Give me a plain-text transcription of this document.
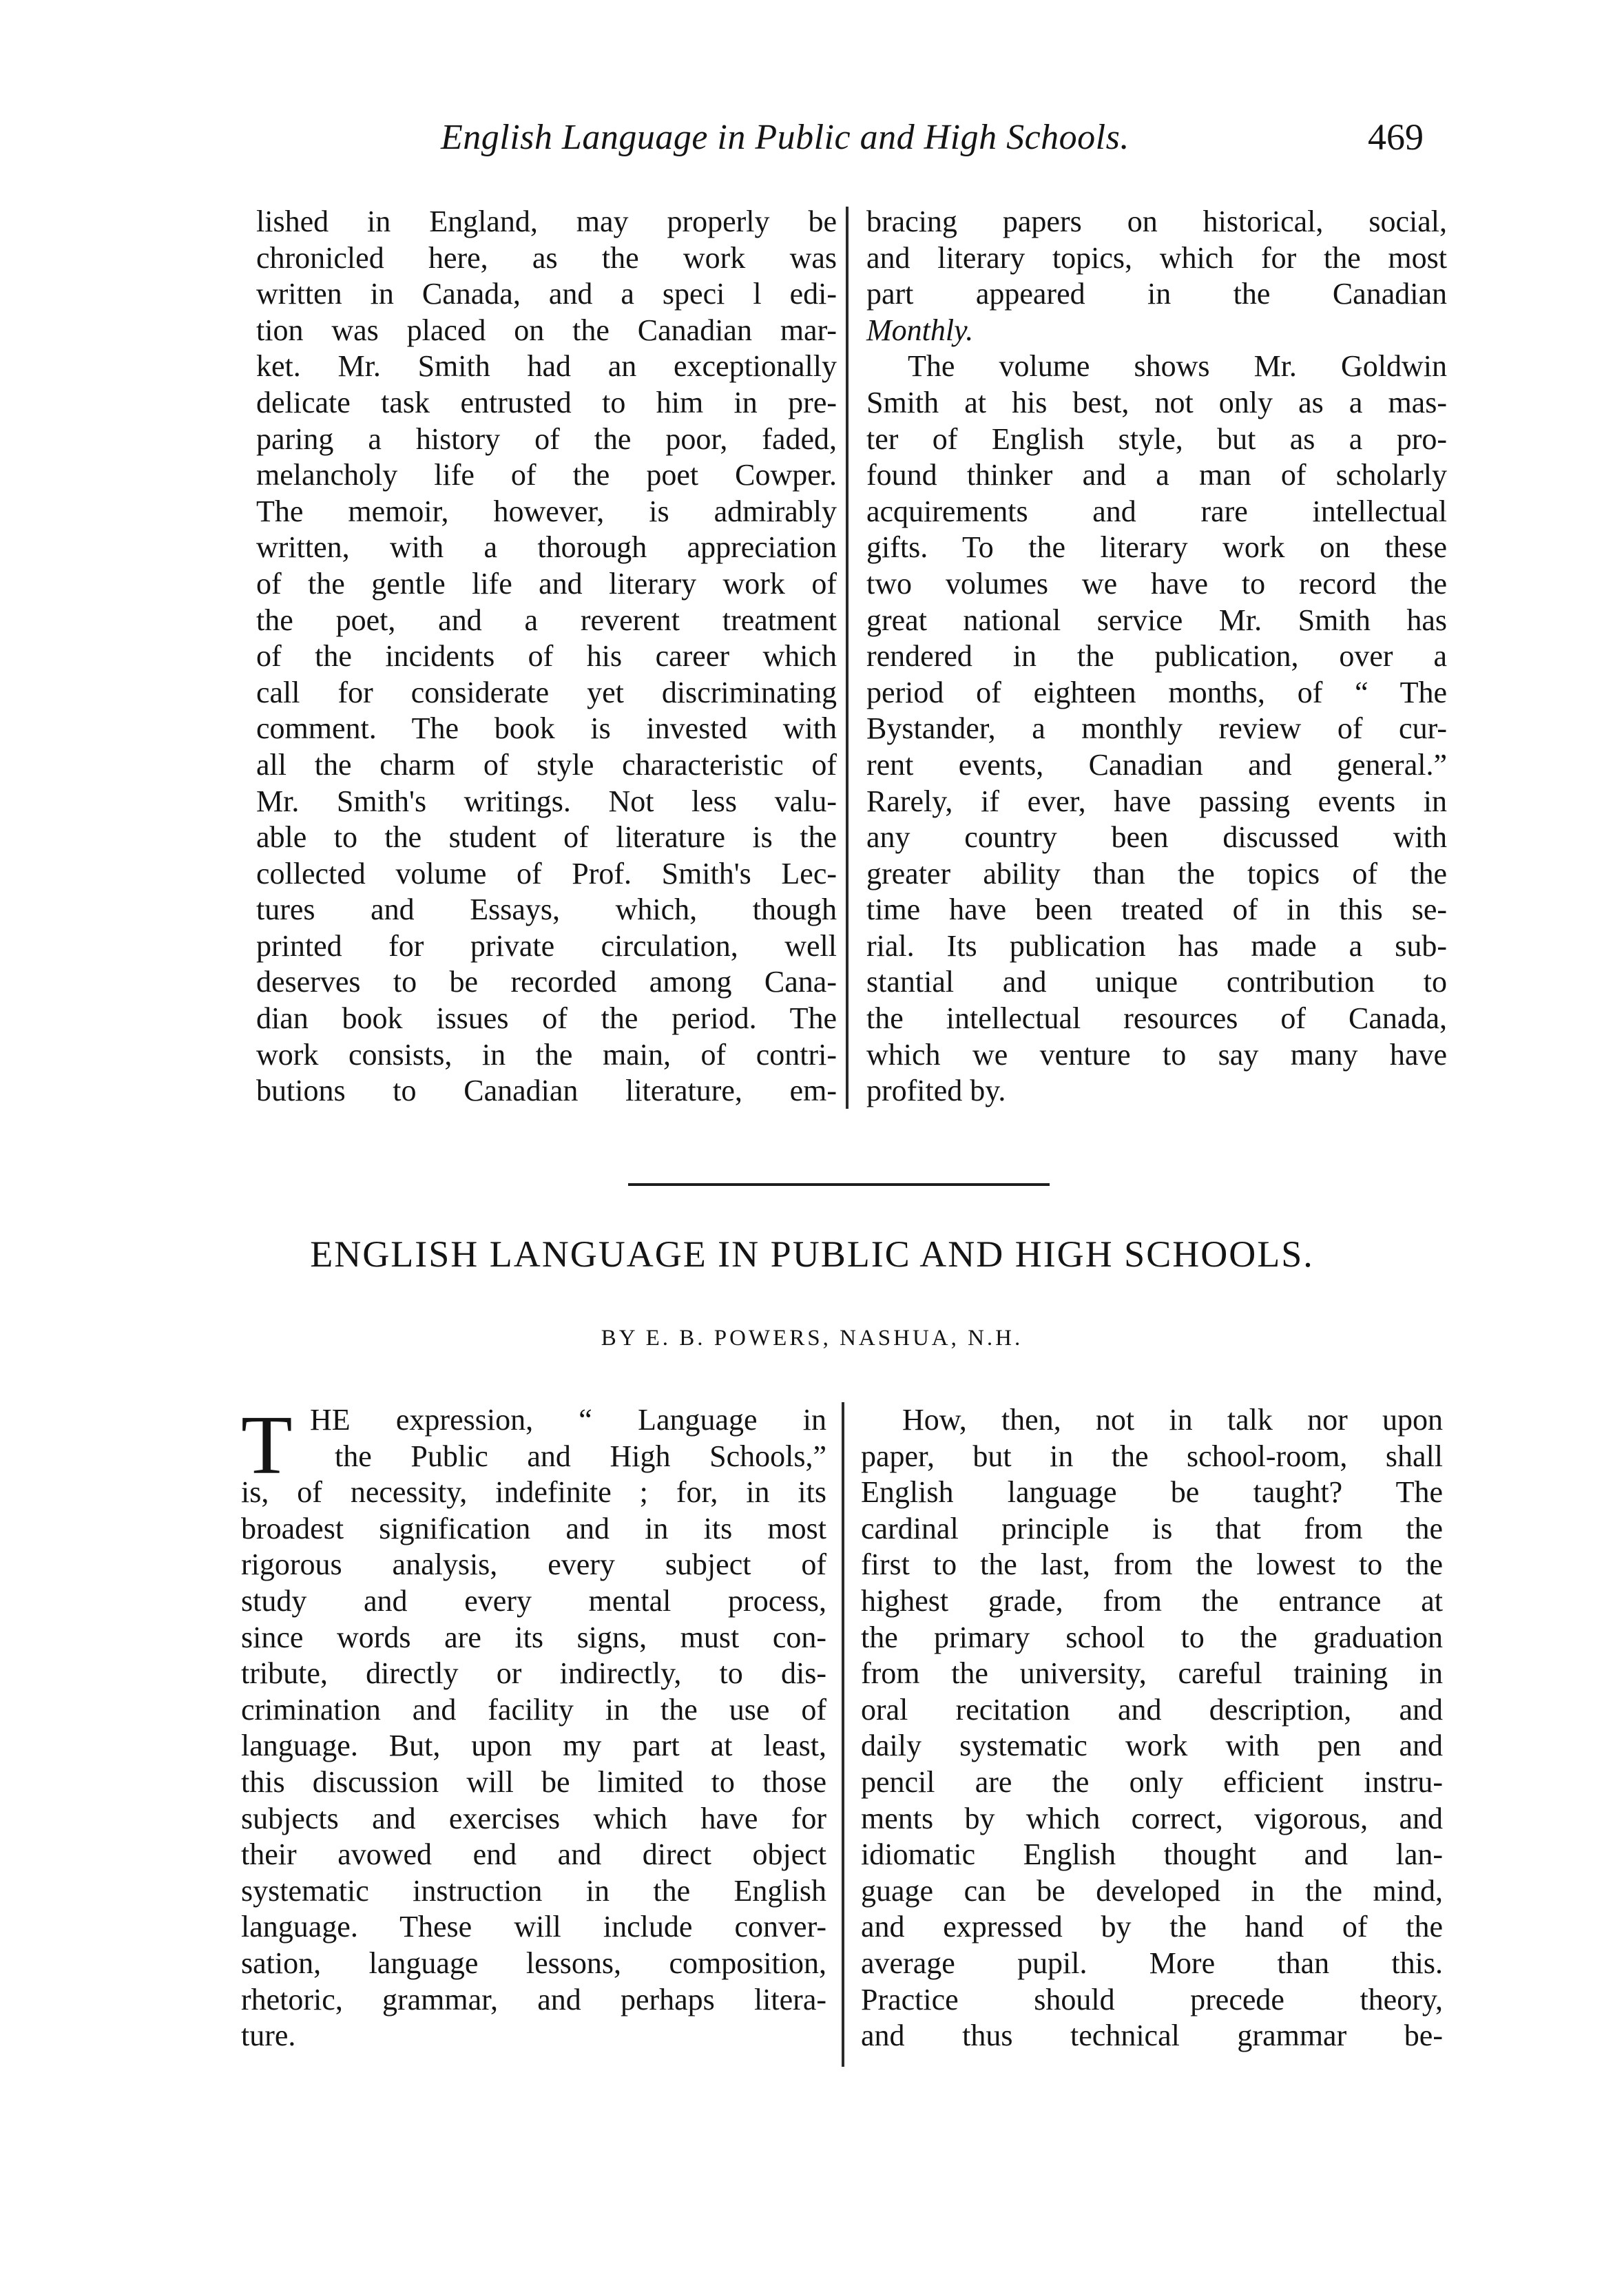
English Language in Public and High Schools.	469
lished in England, may properly be
chronicled here, as the work was
written in Canada, and a speci l edi-
tion was placed on the Canadian mar-
ket. Mr. Smith had an exceptionally
delicate task entrusted to him in pre-
paring a history of the poor, faded,
melancholy life of the poet Cowper.
The memoir, however, is admirably
written, with a thorough appreciation
of the gentle life and literary work of
the poet, and a reverent treatment
of the incidents of his career which
call for considerate yet discriminating
comment. The book is invested with
all the charm of style characteristic of
Mr. Smith's writings. Not less valu-
able to the student of literature is the
collected volume of Prof. Smith's Lec-
tures and Essays, which, though
printed for private circulation, well
deserves to be recorded among Cana-
dian book issues of the period. The
work consists, in the main, of contri-
butions to Canadian literature, em-
bracing papers on historical, social,
and literary topics, which for the most
part appeared in the Canadian
Monthly.
The volume shows Mr. Goldwin
Smith at his best, not only as a mas-
ter of English style, but as a pro-
found thinker and a man of scholarly
acquirements and rare intellectual
gifts. To the literary work on these
two volumes we have to record the
great national service Mr. Smith has
rendered in the publication, over a
period of eighteen months, of “ The
Bystander, a monthly review of cur-
rent events, Canadian and general.”
Rarely, if ever, have passing events in
any country been discussed with
greater ability than the topics of the
time have been treated of in this se-
rial. Its publication has made a sub-
stantial and unique contribution to
the intellectual resources of Canada,
which we venture to say many have
profited by.
ENGLISH LANGUAGE IN PUBLIC AND HIGH SCHOOLS.
BY E. B. POWERS, NASHUA, N.H.
T HE expression, “ Language in
the Public and High Schools,”
is, of necessity, indefinite ; for, in its
broadest signification and in its most
rigorous analysis, every subject of
study and every mental process,
since words are its signs, must con-
tribute, directly or indirectly, to dis-
crimination and facility in the use of
language. But, upon my part at least,
this discussion will be limited to those
subjects and exercises which have for
their avowed end and direct object
systematic instruction in the English
language. These will include conver-
sation, language lessons, composition,
rhetoric, grammar, and perhaps litera-
ture.
How, then, not in talk nor upon
paper, but in the school-room, shall
English language be taught? The
cardinal principle is that from the
first to the last, from the lowest to the
highest grade, from the entrance at
the primary school to the graduation
from the university, careful training in
oral recitation and description, and
daily systematic work with pen and
pencil are the only efficient instru-
ments by which correct, vigorous, and
idiomatic English thought and lan-
guage can be developed in the mind,
and expressed by the hand of the
average pupil. More than this.
Practice should precede theory,
and thus technical grammar be-
